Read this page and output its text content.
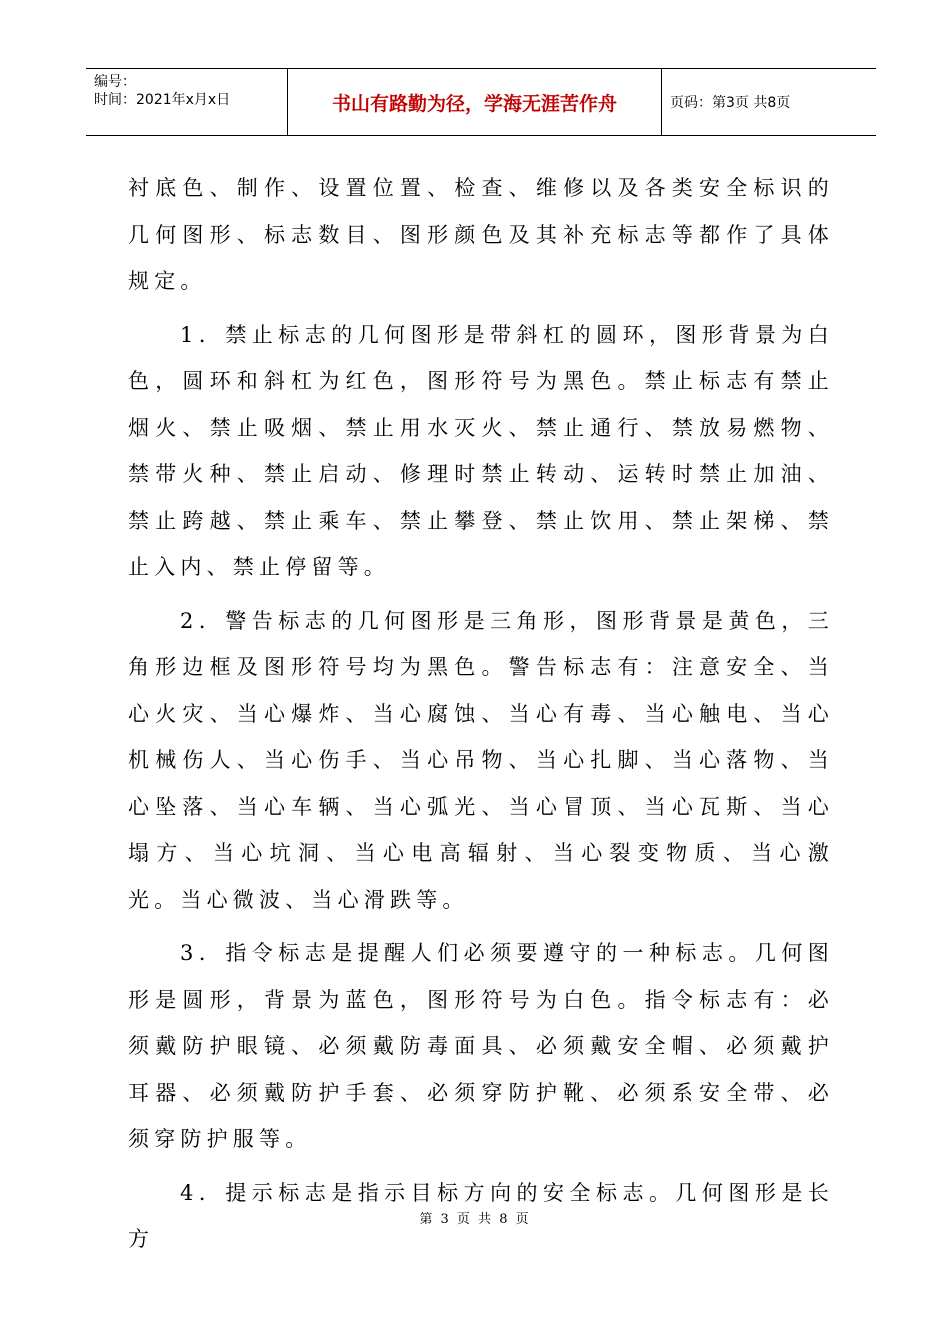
编号：
时间：2021年x月x日	书山有路勤为径，学海无涯苦作舟	页码：第3页 共8页

衬底色、制作、设置位置、检查、维修以及各类安全标识的几何图形、标志数目、图形颜色及其补充标志等都作了具体规定。

1．禁止标志的几何图形是带斜杠的圆环，图形背景为白色，圆环和斜杠为红色，图形符号为黑色。禁止标志有禁止烟火、禁止吸烟、禁止用水灭火、禁止通行、禁放易燃物、禁带火种、禁止启动、修理时禁止转动、运转时禁止加油、禁止跨越、禁止乘车、禁止攀登、禁止饮用、禁止架梯、禁止入内、禁止停留等。

2．警告标志的几何图形是三角形，图形背景是黄色，三角形边框及图形符号均为黑色。警告标志有：注意安全、当心火灾、当心爆炸、当心腐蚀、当心有毒、当心触电、当心机械伤人、当心伤手、当心吊物、当心扎脚、当心落物、当心坠落、当心车辆、当心弧光、当心冒顶、当心瓦斯、当心塌方、当心坑洞、当心电高辐射、当心裂变物质、当心激光。当心微波、当心滑跌等。

3．指令标志是提醒人们必须要遵守的一种标志。几何图形是圆形，背景为蓝色，图形符号为白色。指令标志有：必须戴防护眼镜、必须戴防毒面具、必须戴安全帽、必须戴护耳器、必须戴防护手套、必须穿防护靴、必须系安全带、必须穿防护服等。

4．提示标志是指示目标方向的安全标志。几何图形是长方

第 3 页 共 8 页
